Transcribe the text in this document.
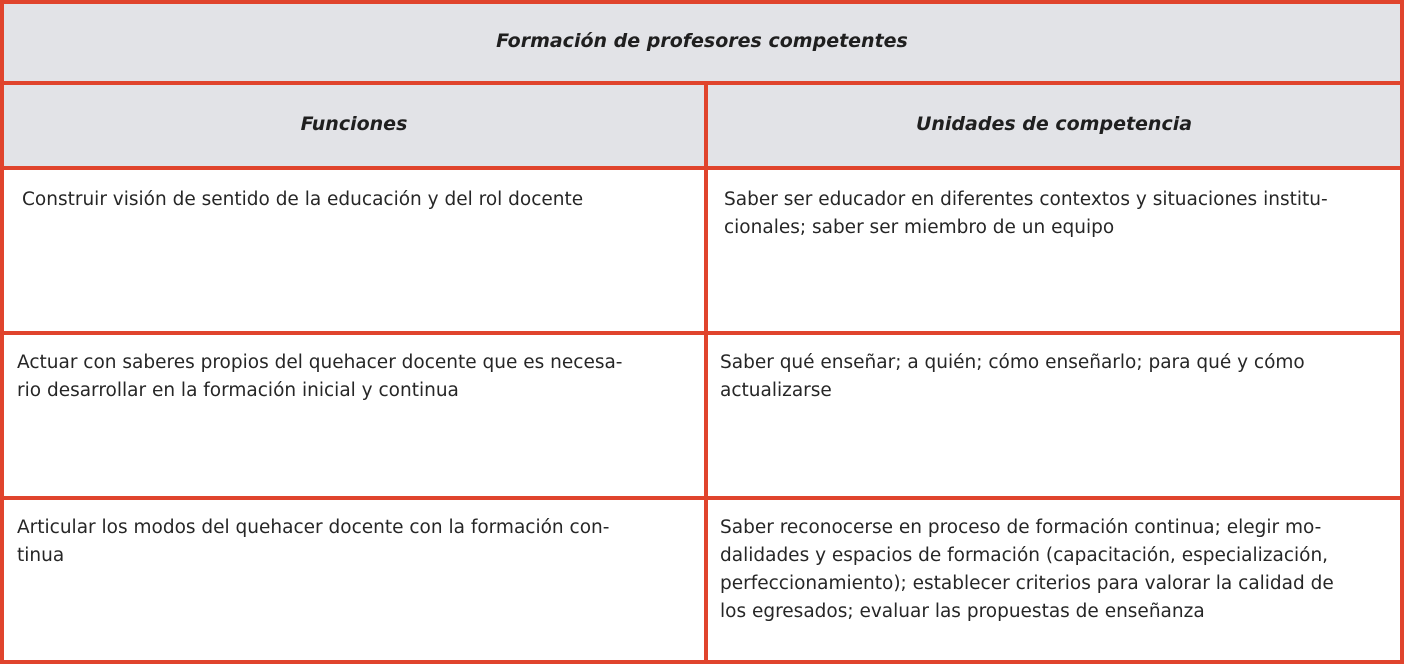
Formación de profesores competentes
Funciones	Unidades de competencia
Construir visión de sentido de la educación y del rol docente	Saber ser educador en diferentes contextos y situaciones institu-
cionales; saber ser miembro de un equipo
Actuar con saberes propios del quehacer docente que es necesa-
rio desarrollar en la formación inicial y continua
Saber qué enseñar; a quién; cómo enseñarlo; para qué y cómo
actualizarse
Articular los modos del quehacer docente con la formación con-
tinua
Saber reconocerse en proceso de formación continua; elegir mo-
dalidades y espacios de formación (capacitación, especialización,
perfeccionamiento); establecer criterios para valorar la calidad de
los egresados; evaluar las propuestas de enseñanza
